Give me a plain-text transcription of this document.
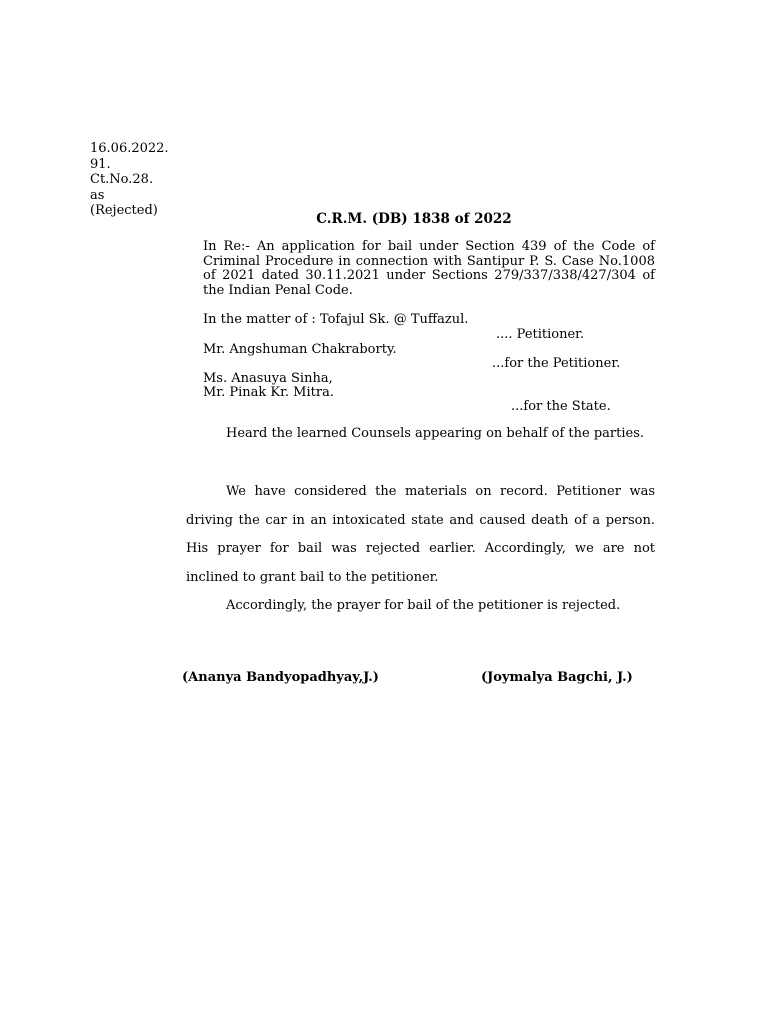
16.06.2022.
91.
Ct.No.28.
as
(Rejected)
C.R.M. (DB) 1838 of 2022
In Re:- An application for bail under Section 439 of the Code of Criminal Procedure in connection with Santipur P. S. Case No.1008 of 2021 dated 30.11.2021 under Sections 279/337/338/427/304 of the Indian Penal Code.
In the matter of : Tofajul Sk. @ Tuffazul.
.... Petitioner.
Mr. Angshuman Chakraborty.
...for the Petitioner.
Ms. Anasuya Sinha,
Mr. Pinak Kr. Mitra.
...for the State.
Heard the learned Counsels appearing on behalf of the parties.
We have considered the materials on record. Petitioner was driving the car in an intoxicated state and caused death of a person. His prayer for bail was rejected earlier. Accordingly, we are not inclined to grant bail to the petitioner.
Accordingly, the prayer for bail of the petitioner is rejected.
(Ananya Bandyopadhyay,J.)	(Joymalya Bagchi, J.)
